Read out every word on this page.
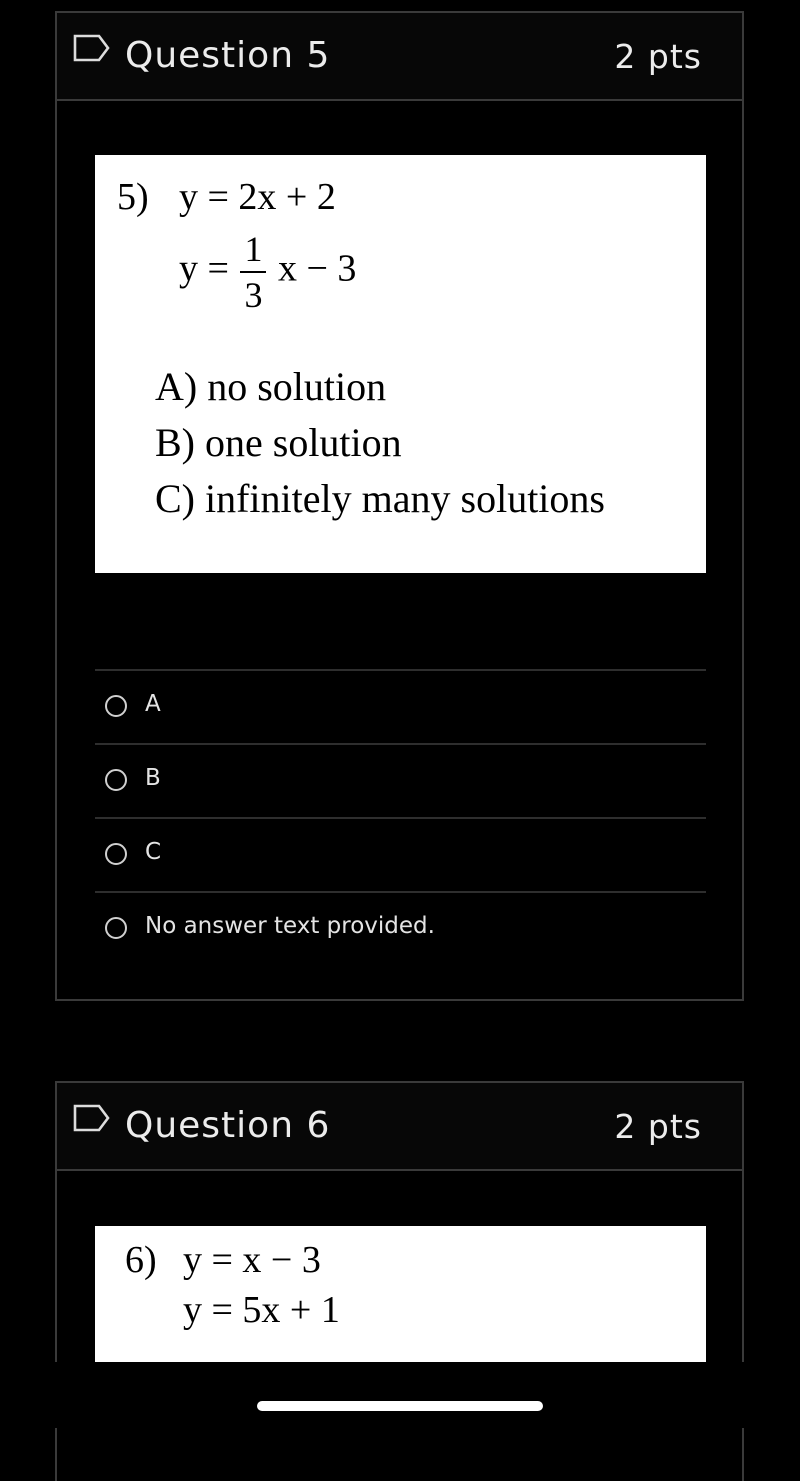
Question 5	2 pts
5) y = 2x + 2
$y = \frac{1}{3}$ x − 3
A) no solution
B) one solution
C) infinitely many solutions
A
B
C
No answer text provided.
Question 6	2 pts
6) y = x − 3
y = 5x + 1
